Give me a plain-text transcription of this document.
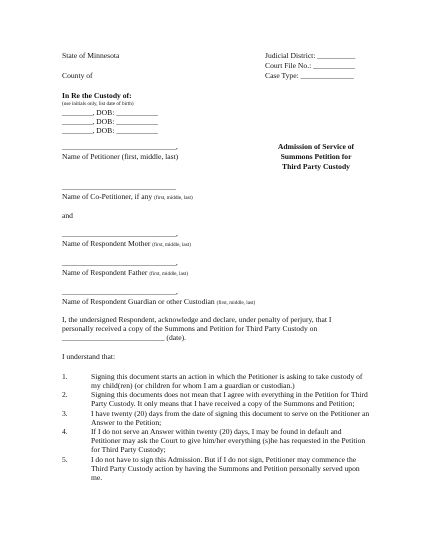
State of Minnesota
County of
Judicial District: __________
Court File No.: ___________
Case Type: ______________
In Re the Custody of:
(use initials only, list date of birth)
________, DOB: ___________
________, DOB: ___________
________, DOB: ___________
Admission of Service of
Summons Petition for
Third Party Custody
______________________________,
Name of Petitioner (first, middle, last)
______________________________
Name of Co-Petitioner, if any (first, middle, last)
and
______________________________,
Name of Respondent Mother (first, middle, last)
______________________________,
Name of Respondent Father (first, middle, last)
______________________________,
Name of Respondent Guardian or other Custodian (first, middle, last)
I, the undersigned Respondent, acknowledge and declare, under penalty of perjury, that I
personally received a copy of the Summons and Petition for Third Party Custody on
___________________________ (date).
I understand that:
1.	Signing this document starts an action in which the Petitioner is asking to take custody of my child(ren) (or children for whom I am a guardian or custodian.)
2.	Signing this documents does not mean that I agree with everything in the Petition for Third Party Custody. It only means that I have received a copy of the Summons and Petition;
3.	I have twenty (20) days from the date of signing this document to serve on the Petitioner an Answer to the Petition;
4.	If I do not serve an Answer within twenty (20) days, I may be found in default and Petitioner may ask the Court to give him/her everything (s)he has requested in the Petition for Third Party Custody;
5.	I do not have to sign this Admission. But if I do not sign, Petitioner may commence the Third Party Custody action by having the Summons and Petition personally served upon me.
